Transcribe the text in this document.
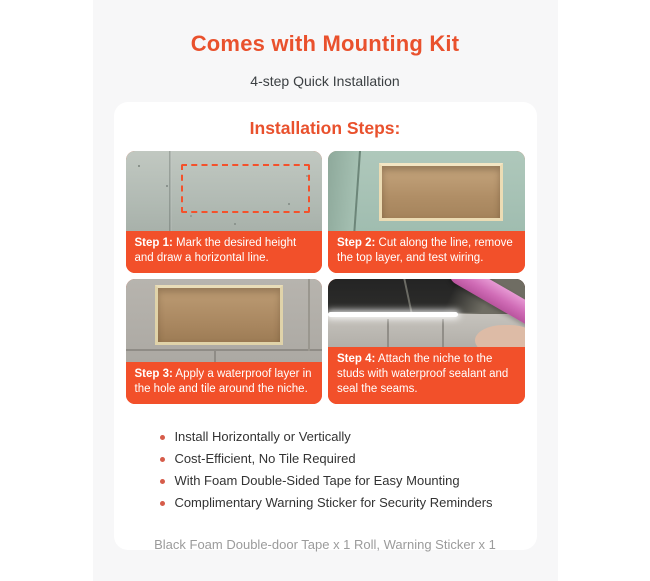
Comes with Mounting Kit

4-step Quick Installation

Installation Steps:
Step 1: Mark the desired height and draw a horizontal line.
Step 2: Cut along the line, remove the top layer, and test wiring.
Step 3: Apply a waterproof layer in the hole and tile around the niche.
Step 4: Attach the niche to the studs with waterproof sealant and seal the seams.
Install Horizontally or Vertically
Cost-Efficient, No Tile Required
With Foam Double-Sided Tape for Easy Mounting
Complimentary Warning Sticker for Security Reminders

Black Foam Double-door Tape x 1 Roll, Warning Sticker x 1
